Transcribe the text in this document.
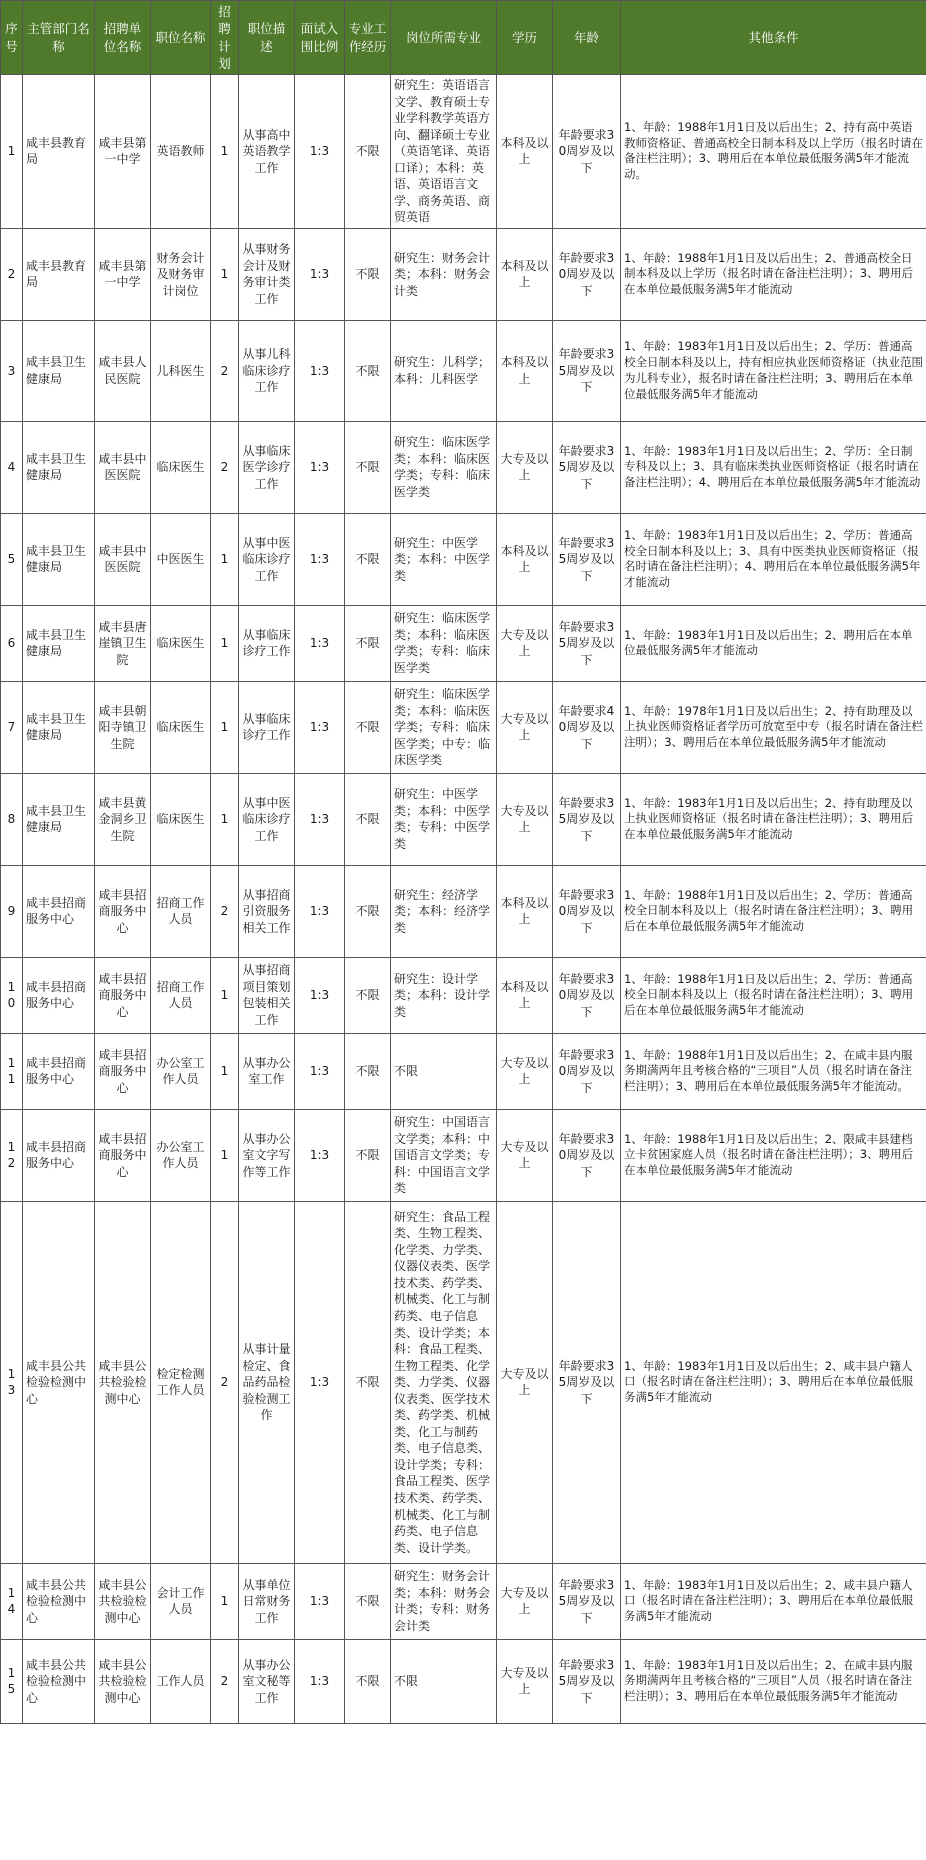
序号	主管部门名称	招聘单位名称	职位名称	招聘计划	职位描述	面试入围比例	专业工作经历	岗位所需专业	学历	年龄	其他条件
1	咸丰县教育局	咸丰县第一中学	英语教师	1	从事高中英语教学工作	1:3	不限	研究生：英语语言文学、教育硕士专业学科教学英语方向、翻译硕士专业（英语笔译、英语口译）；本科：英语、英语语言文学、商务英语、商贸英语	本科及以上	年龄要求30周岁及以下	1、年龄：1988年1月1日及以后出生；2、持有高中英语教师资格证、普通高校全日制本科及以上学历（报名时请在备注栏注明）；3、聘用后在本单位最低服务满5年才能流动。
2	咸丰县教育局	咸丰县第一中学	财务会计及财务审计岗位	1	从事财务会计及财务审计类工作	1:3	不限	研究生：财务会计类；本科：财务会计类	本科及以上	年龄要求30周岁及以下	1、年龄：1988年1月1日及以后出生；2、普通高校全日制本科及以上学历（报名时请在备注栏注明）；3、聘用后在本单位最低服务满5年才能流动
3	咸丰县卫生健康局	咸丰县人民医院	儿科医生	2	从事儿科临床诊疗工作	1:3	不限	研究生：儿科学；本科：儿科医学	本科及以上	年龄要求35周岁及以下	1、年龄：1983年1月1日及以后出生；2、学历：普通高校全日制本科及以上，持有相应执业医师资格证（执业范围为儿科专业），报名时请在备注栏注明；3、聘用后在本单位最低服务满5年才能流动
4	咸丰县卫生健康局	咸丰县中医医院	临床医生	2	从事临床医学诊疗工作	1:3	不限	研究生：临床医学类；本科：临床医学类；专科：临床医学类	大专及以上	年龄要求35周岁及以下	1、年龄：1983年1月1日及以后出生；2、学历：全日制专科及以上；3、具有临床类执业医师资格证（报名时请在备注栏注明）；4、聘用后在本单位最低服务满5年才能流动
5	咸丰县卫生健康局	咸丰县中医医院	中医医生	1	从事中医临床诊疗工作	1:3	不限	研究生：中医学类；本科：中医学类	本科及以上	年龄要求35周岁及以下	1、年龄：1983年1月1日及以后出生；2、学历：普通高校全日制本科及以上；3、具有中医类执业医师资格证（报名时请在备注栏注明）；4、聘用后在本单位最低服务满5年才能流动
6	咸丰县卫生健康局	咸丰县唐崖镇卫生院	临床医生	1	从事临床诊疗工作	1:3	不限	研究生：临床医学类；本科：临床医学类；专科：临床医学类	大专及以上	年龄要求35周岁及以下	1、年龄：1983年1月1日及以后出生；2、聘用后在本单位最低服务满5年才能流动
7	咸丰县卫生健康局	咸丰县朝阳寺镇卫生院	临床医生	1	从事临床诊疗工作	1:3	不限	研究生：临床医学类；本科：临床医学类；专科：临床医学类；中专：临床医学类	大专及以上	年龄要求40周岁及以下	1、年龄：1978年1月1日及以后出生；2、持有助理及以上执业医师资格证者学历可放宽至中专（报名时请在备注栏注明）；3、聘用后在本单位最低服务满5年才能流动
8	咸丰县卫生健康局	咸丰县黄金洞乡卫生院	临床医生	1	从事中医临床诊疗工作	1:3	不限	研究生：中医学类；本科：中医学类；专科：中医学类	大专及以上	年龄要求35周岁及以下	1、年龄：1983年1月1日及以后出生；2、持有助理及以上执业医师资格证（报名时请在备注栏注明）；3、聘用后在本单位最低服务满5年才能流动
9	咸丰县招商服务中心	咸丰县招商服务中心	招商工作人员	2	从事招商引资服务相关工作	1:3	不限	研究生：经济学类；本科：经济学类	本科及以上	年龄要求30周岁及以下	1、年龄：1988年1月1日及以后出生；2、学历：普通高校全日制本科及以上（报名时请在备注栏注明）；3、聘用后在本单位最低服务满5年才能流动
10	咸丰县招商服务中心	咸丰县招商服务中心	招商工作人员	1	从事招商项目策划包装相关工作	1:3	不限	研究生：设计学类；本科：设计学类	本科及以上	年龄要求30周岁及以下	1、年龄：1988年1月1日及以后出生；2、学历：普通高校全日制本科及以上（报名时请在备注栏注明）；3、聘用后在本单位最低服务满5年才能流动
11	咸丰县招商服务中心	咸丰县招商服务中心	办公室工作人员	1	从事办公室工作	1:3	不限	不限	大专及以上	年龄要求30周岁及以下	1、年龄：1988年1月1日及以后出生；2、在咸丰县内服务期满两年且考核合格的“三项目”人员（报名时请在备注栏注明）；3、聘用后在本单位最低服务满5年才能流动。
12	咸丰县招商服务中心	咸丰县招商服务中心	办公室工作人员	1	从事办公室文字写作等工作	1:3	不限	研究生：中国语言文学类；本科：中国语言文学类；专科：中国语言文学类	大专及以上	年龄要求30周岁及以下	1、年龄：1988年1月1日及以后出生；2、限咸丰县建档立卡贫困家庭人员（报名时请在备注栏注明）；3、聘用后在本单位最低服务满5年才能流动
13	咸丰县公共检验检测中心	咸丰县公共检验检测中心	检定检测工作人员	2	从事计量检定、食品药品检验检测工作	1:3	不限	研究生：食品工程类、生物工程类、化学类、力学类、仪器仪表类、医学技术类、药学类、机械类、化工与制药类、电子信息类、设计学类；本科：食品工程类、生物工程类、化学类、力学类、仪器仪表类、医学技术类、药学类、机械类、化工与制药类、电子信息类、设计学类；专科：食品工程类、医学技术类、药学类、机械类、化工与制药类、电子信息类、设计学类。	大专及以上	年龄要求35周岁及以下	1、年龄：1983年1月1日及以后出生；2、咸丰县户籍人口（报名时请在备注栏注明）；3、聘用后在本单位最低服务满5年才能流动
14	咸丰县公共检验检测中心	咸丰县公共检验检测中心	会计工作人员	1	从事单位日常财务工作	1:3	不限	研究生：财务会计类；本科：财务会计类；专科：财务会计类	大专及以上	年龄要求35周岁及以下	1、年龄：1983年1月1日及以后出生；2、咸丰县户籍人口（报名时请在备注栏注明）；3、聘用后在本单位最低服务满5年才能流动
15	咸丰县公共检验检测中心	咸丰县公共检验检测中心	工作人员	2	从事办公室文秘等工作	1:3	不限	不限	大专及以上	年龄要求35周岁及以下	1、年龄：1983年1月1日及以后出生；2、在咸丰县内服务期满两年且考核合格的“三项目”人员（报名时请在备注栏注明）；3、聘用后在本单位最低服务满5年才能流动
